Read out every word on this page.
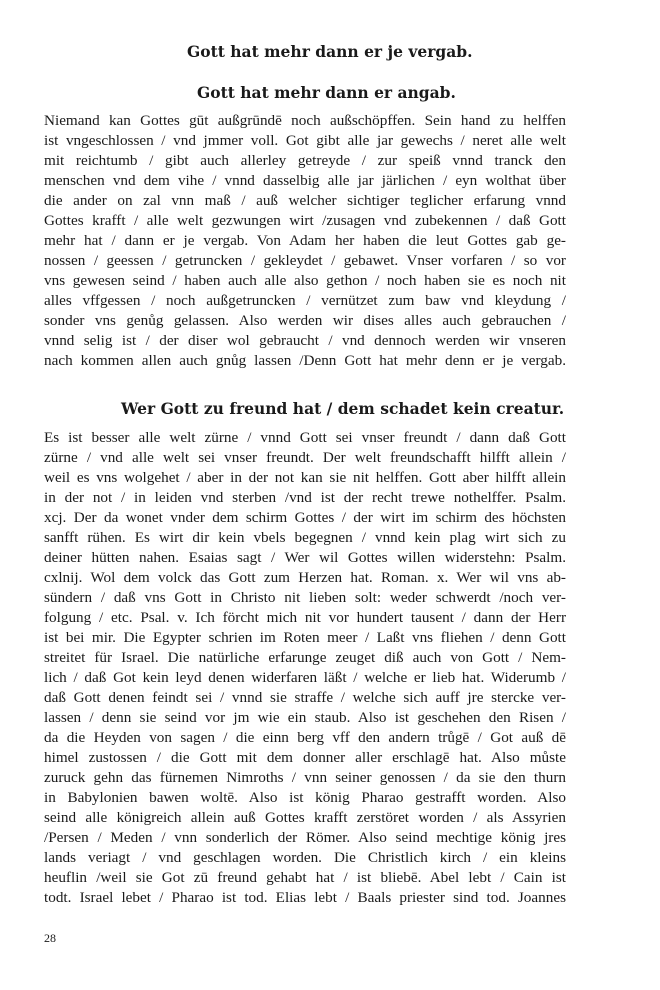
Gott hat mehr dann er je vergab.
Gott hat mehr dann er angab.
Niemand kan Gottes gūt außgrūndē noch außschöpffen. Sein hand zu helffen
ist vngeschlossen / vnd jmmer voll. Got gibt alle jar gewechs / neret alle welt
mit reichtumb / gibt auch allerley getreyde / zur speiß vnnd tranck den
menschen vnd dem vihe / vnnd dasselbig alle jar järlichen / eyn wolthat über
die ander on zal vnn maß / auß welcher sichtiger teglicher erfarung vnnd
Gottes krafft / alle welt gezwungen wirt /zusagen vnd zubekennen / daß Gott
mehr hat / dann er je vergab. Von Adam her haben die leut Gottes gab ge-
nossen / geessen / getruncken / gekleydet / gebawet. Vnser vorfaren / so vor
vns gewesen seind / haben auch alle also gethon / noch haben sie es noch nit
alles vffgessen / noch außgetruncken / vernützet zum baw vnd kleydung /
sonder vns genůg gelassen. Also werden wir dises alles auch gebrauchen /
vnnd selig ist / der diser wol gebraucht / vnd dennoch werden wir vnseren
nach kommen allen auch gnůg lassen /Denn Gott hat mehr denn er je vergab.
Wer Gott zu freund hat / dem schadet kein creatur.
Es ist besser alle welt zürne / vnnd Gott sei vnser freundt / dann daß Gott
zürne / vnd alle welt sei vnser freundt. Der welt freundschafft hilfft allein /
weil es vns wolgehet / aber in der not kan sie nit helffen. Gott aber hilfft allein
in der not / in leiden vnd sterben /vnd ist der recht trewe nothelffer. Psalm.
xcj. Der da wonet vnder dem schirm Gottes / der wirt im schirm des höchsten
sanfft rühen. Es wirt dir kein vbels begegnen / vnnd kein plag wirt sich zu
deiner hütten nahen. Esaias sagt / Wer wil Gottes willen widerstehn: Psalm.
cxlnij. Wol dem volck das Gott zum Herzen hat. Roman. x. Wer wil vns ab-
sündern / daß vns Gott in Christo nit lieben solt: weder schwerdt /noch ver-
folgung / etc. Psal. v. Ich förcht mich nit vor hundert tausent / dann der Herr
ist bei mir. Die Egypter schrien im Roten meer / Laßt vns fliehen / denn Gott
streitet für Israel. Die natürliche erfarunge zeuget diß auch von Gott / Nem-
lich / daß Got kein leyd denen widerfaren läßt / welche er lieb hat. Widerumb /
daß Gott denen feindt sei / vnnd sie straffe / welche sich auff jre stercke ver-
lassen / denn sie seind vor jm wie ein staub. Also ist geschehen den Risen /
da die Heyden von sagen / die einn berg vff den andern trůgē / Got auß dē
himel zustossen / die Gott mit dem donner aller erschlagē hat. Also můste
zuruck gehn das fürnemen Nimroths / vnn seiner genossen / da sie den thurn
in Babylonien bawen woltē. Also ist könig Pharao gestrafft worden. Also
seind alle königreich allein auß Gottes krafft zerstöret worden / als Assyrien
/Persen / Meden / vnn sonderlich der Römer. Also seind mechtige könig jres
lands veriagt / vnd geschlagen worden. Die Christlich kirch / ein kleins
heuflin /weil sie Got zū freund gehabt hat / ist bliebē. Abel lebt / Cain ist
todt. Israel lebet / Pharao ist tod. Elias lebt / Baals priester sind tod. Joannes
28
